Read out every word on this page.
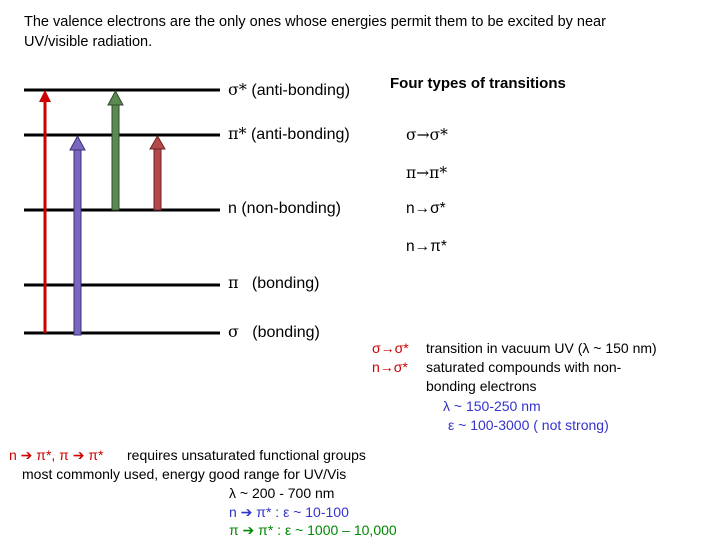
The valence electrons are the only ones whose energies permit them to be excited by near
UV/visible radiation.
σ* (anti-bonding)
π* (anti-bonding)
n (non-bonding)
π (bonding)
σ (bonding)
Four types of transitions
σ→σ*
π→π*
n→σ*
n→π*
σ→σ* transition in vacuum UV (λ ~ 150 nm)
n→σ* saturated compounds with non-
bonding electrons
λ ~ 150-250 nm
ε ~ 100-3000 ( not strong)
n ➔ π*, π ➔ π* requires unsaturated functional groups
most commonly used, energy good range for UV/Vis
λ ~ 200 - 700 nm
n ➔ π* : ε ~ 10-100
π ➔ π* : ε ~ 1000 – 10,000
